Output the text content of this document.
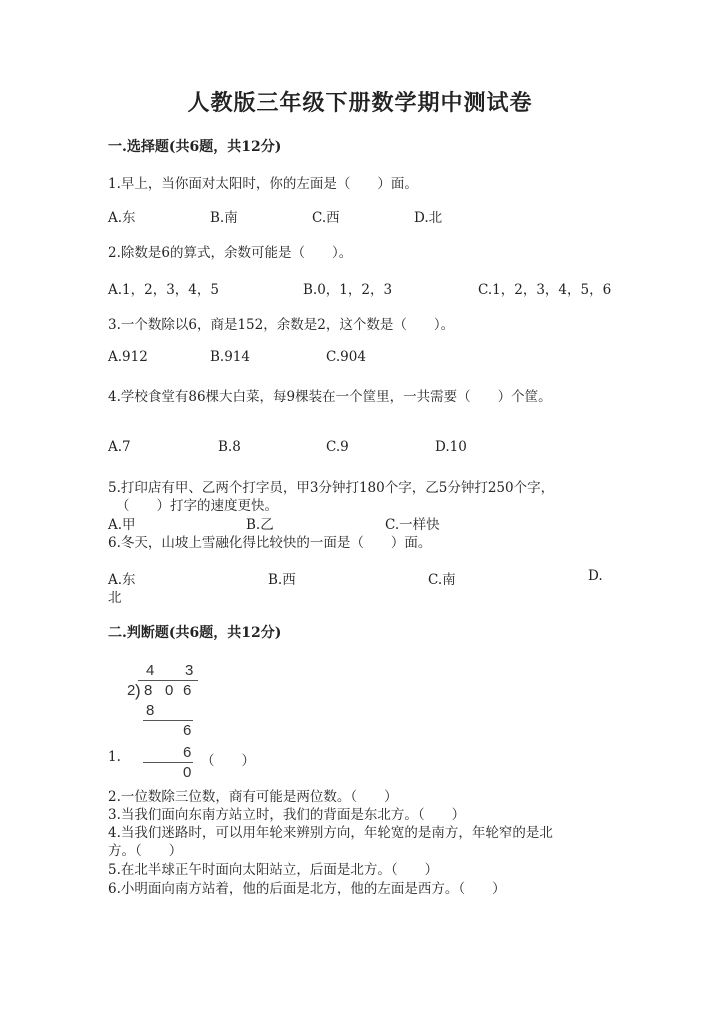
人教版三年级下册数学期中测试卷
一.选择题(共6题，共12分)
1.早上，当你面对太阳时，你的左面是（　　）面。
A.东	B.南	C.西	D.北
2.除数是6的算式，余数可能是（　　）。
A.1，2，3，4，5	B.0，1，2，3	C.1，2，3，4，5，6
3.一个数除以6，商是152，余数是2，这个数是（　　）。
A.912	B.914	C.904
4.学校食堂有86棵大白菜，每9棵装在一个筐里，一共需要（　　）个筐。
A.7	B.8	C.9	D.10
5.打印店有甲、乙两个打字员，甲3分钟打180个字，乙5分钟打250个字，
（　　）打字的速度更快。
A.甲	B.乙	C.一样快
6.冬天，山坡上雪融化得比较快的一面是（　　）面。
A.东	B.西	C.南	D.
北
二.判断题(共6题，共12分)
4 3
2 ) 8 0 6
8
6
1.	6 （　　）
0
2.一位数除三位数，商有可能是两位数。（　　）
3.当我们面向东南方站立时，我们的背面是东北方。（　　）
4.当我们迷路时，可以用年轮来辨别方向，年轮宽的是南方，年轮窄的是北
方。（　　）
5.在北半球正午时面向太阳站立，后面是北方。（　　）
6.小明面向南方站着，他的后面是北方，他的左面是西方。（　　）
